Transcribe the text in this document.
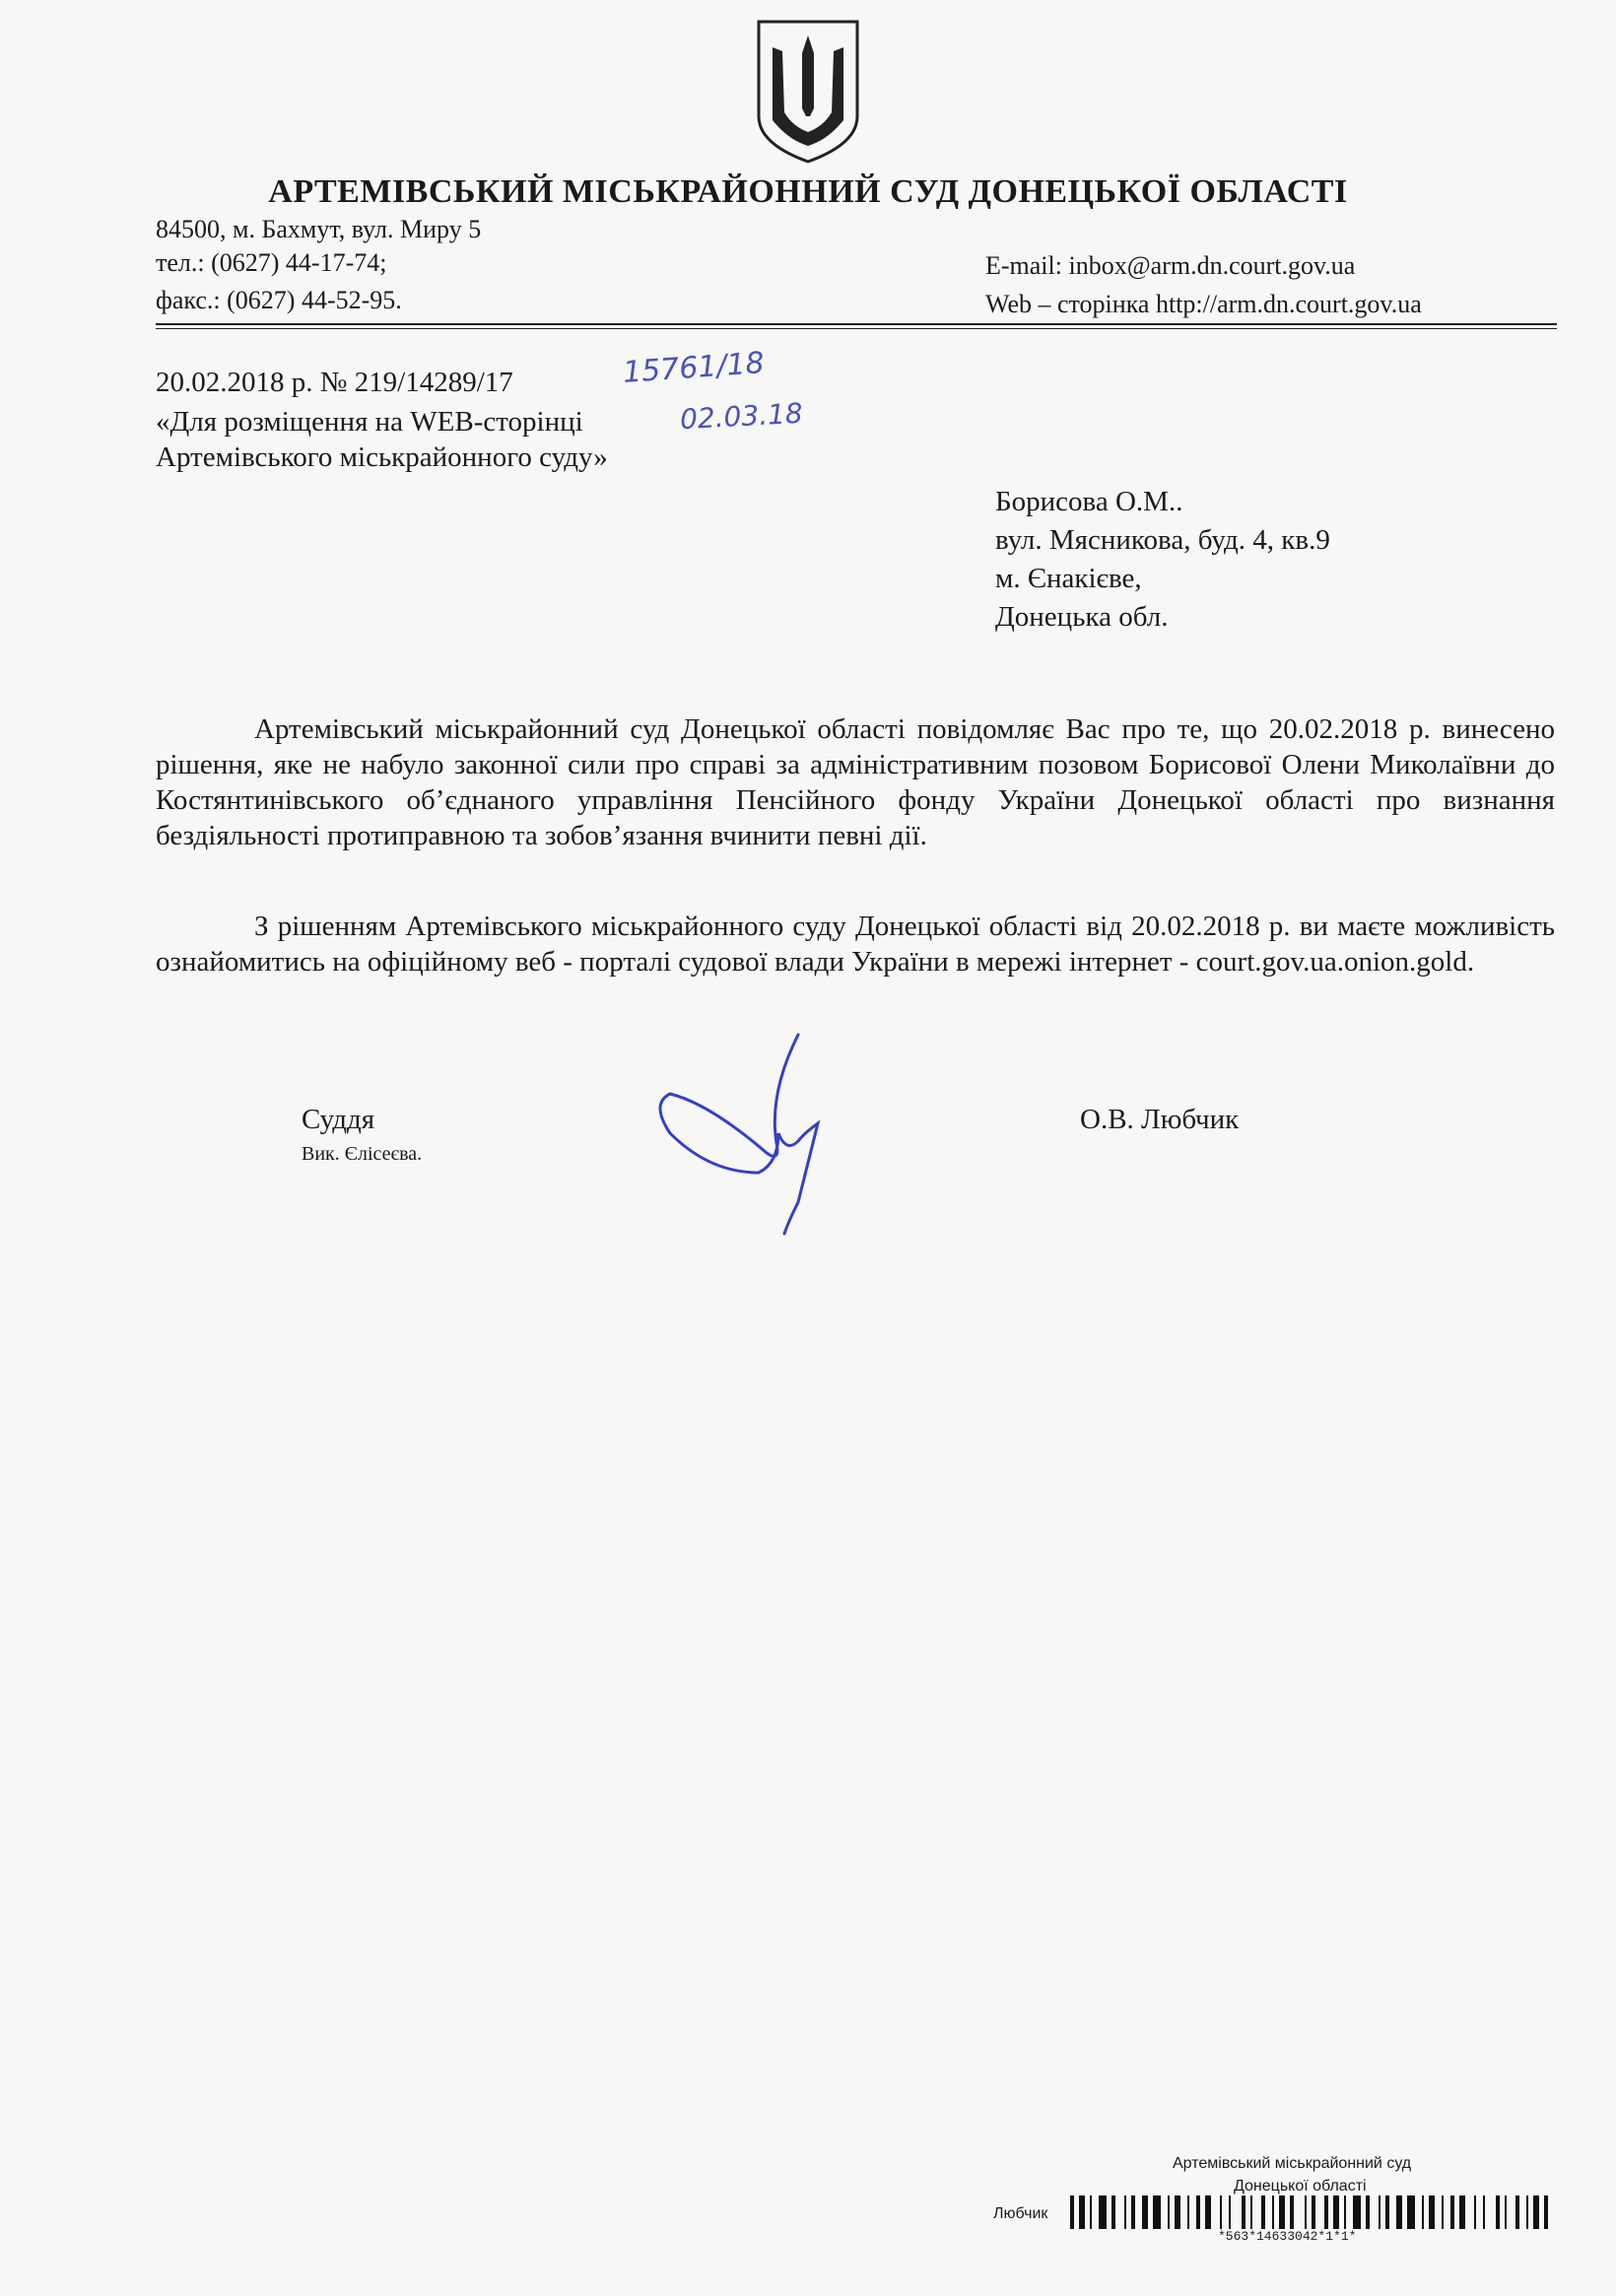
АРТЕМІВСЬКИЙ МІСЬКРАЙОННИЙ СУД ДОНЕЦЬКОЇ ОБЛАСТІ
84500, м. Бахмут, вул. Миру 5
тел.: (0627) 44-17-74;
факс.: (0627) 44-52-95.
E-mail: inbox@arm.dn.court.gov.ua
Web – сторінка http://arm.dn.court.gov.ua
20.02.2018 р. № 219/14289/17	15761/18
«Для розміщення на WEB-сторінці
Артемівського міськрайонного суду»
02.03.18
Борисова О.М..
вул. Мясникова, буд. 4, кв.9
м. Єнакієве,
Донецька обл.
Артемівський міськрайонний суд Донецької області повідомляє Вас про те, що 20.02.2018 р. винесено рішення, яке не набуло законної сили про справі за адміністративним позовом Борисової Олени Миколаївни до Костянтинівського об’єднаного управління Пенсійного фонду України Донецької області про визнання бездіяльності протиправною та зобов’язання вчинити певні дії.
З рішенням Артемівського міськрайонного суду Донецької області від 20.02.2018 р. ви маєте можливість ознайомитись на офіційному веб - порталі судової влади України в мережі інтернет - court.gov.ua.onion.gold.
Суддя
Вик. Єлісеєва.
О.В. Любчик
Артемівський міськрайонний суд
Донецької області
Любчик
*563*14633042*1*1*
